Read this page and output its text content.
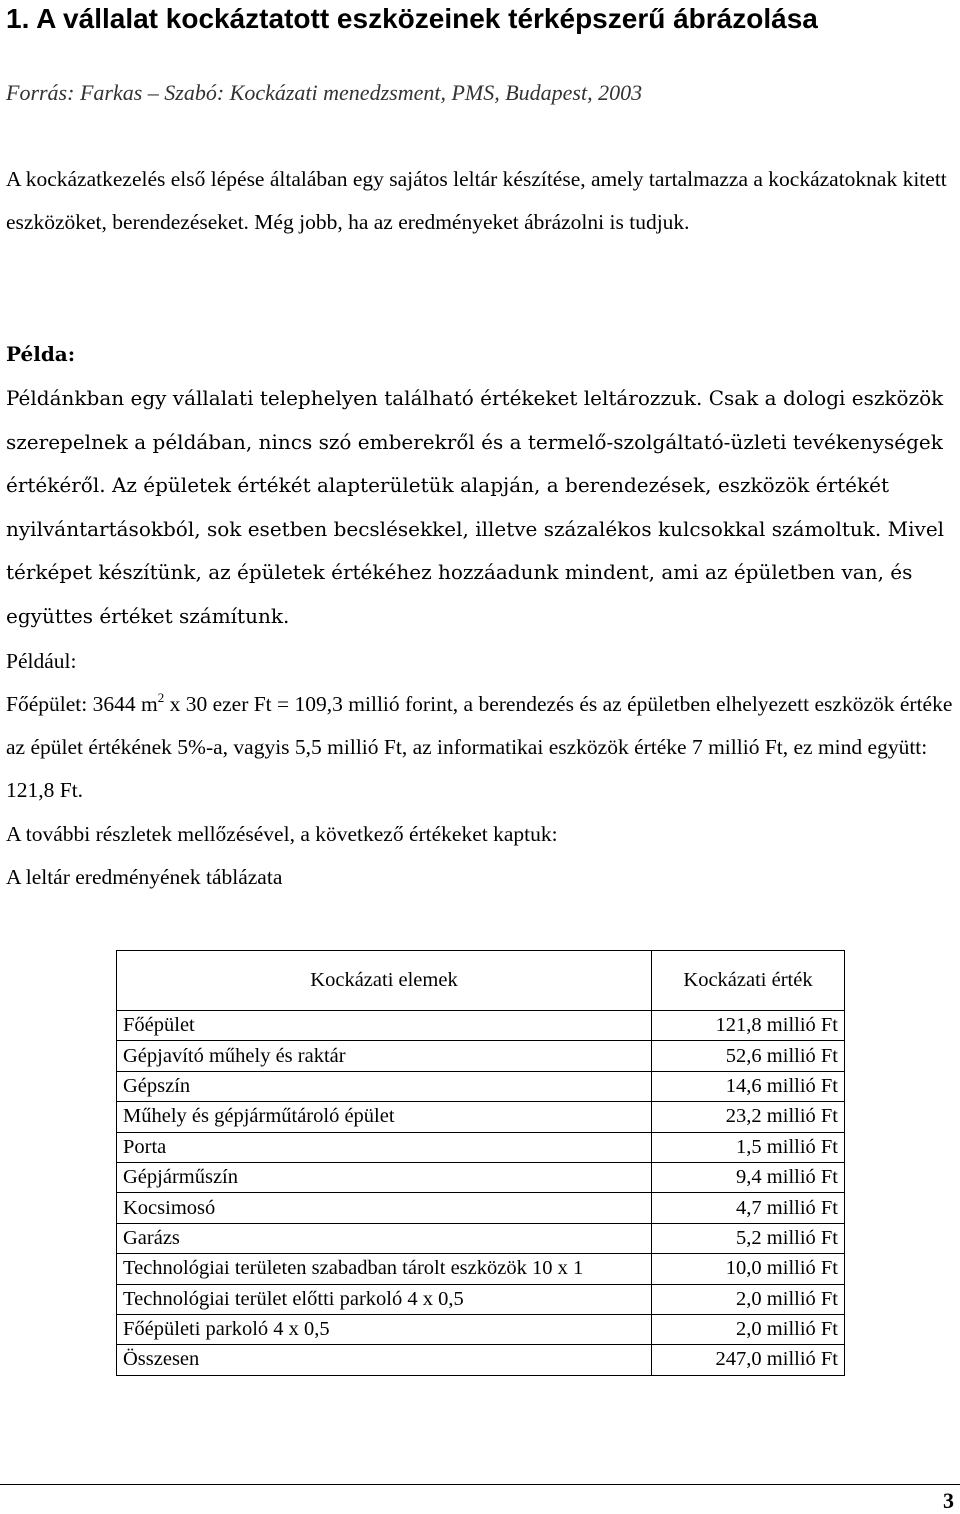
1. A vállalat kockáztatott eszközeinek térképszerű ábrázolása
Forrás: Farkas – Szabó: Kockázati menedzsment, PMS, Budapest, 2003

A kockázatkezelés első lépése általában egy sajátos leltár készítése, amely tartalmazza a kockázatoknak kitett eszközöket, berendezéseket. Még jobb, ha az eredményeket ábrázolni is tudjuk.

Példa:

Példánkban egy vállalati telephelyen található értékeket leltározzuk. Csak a dologi eszközök szerepelnek a példában, nincs szó emberekről és a termelő-szolgáltató-üzleti tevékenységek értékéről. Az épületek értékét alapterületük alapján, a berendezések, eszközök értékét nyilvántartásokból, sok esetben becslésekkel, illetve százalékos kulcsokkal számoltuk. Mivel térképet készítünk, az épületek értékéhez hozzáadunk mindent, ami az épületben van, és együttes értéket számítunk.

Például:

Főépület: 3644 $m^2$ x 30 ezer Ft = 109,3 millió forint, a berendezés és az épületben elhelyezett eszközök értéke az épület értékének 5%-a, vagyis 5,5 millió Ft, az informatikai eszközök értéke 7 millió Ft, ez mind együtt: 121,8 Ft.

A további részletek mellőzésével, a következő értékeket kaptuk:
A leltár eredményének táblázata
Kockázati elemek	Kockázati érték
Főépület	121,8 millió Ft
Gépjavító műhely és raktár	52,6 millió Ft
Gépszín	14,6 millió Ft
Műhely és gépjárműtároló épület	23,2 millió Ft
Porta	1,5 millió Ft
Gépjárműszín	9,4 millió Ft
Kocsimosó	4,7 millió Ft
Garázs	5,2 millió Ft
Technológiai területen szabadban tárolt eszközök 10 x 1	10,0 millió Ft
Technológiai terület előtti parkoló 4 x 0,5	2,0 millió Ft
Főépületi parkoló 4 x 0,5	2,0 millió Ft
Összesen	247,0 millió Ft
3
